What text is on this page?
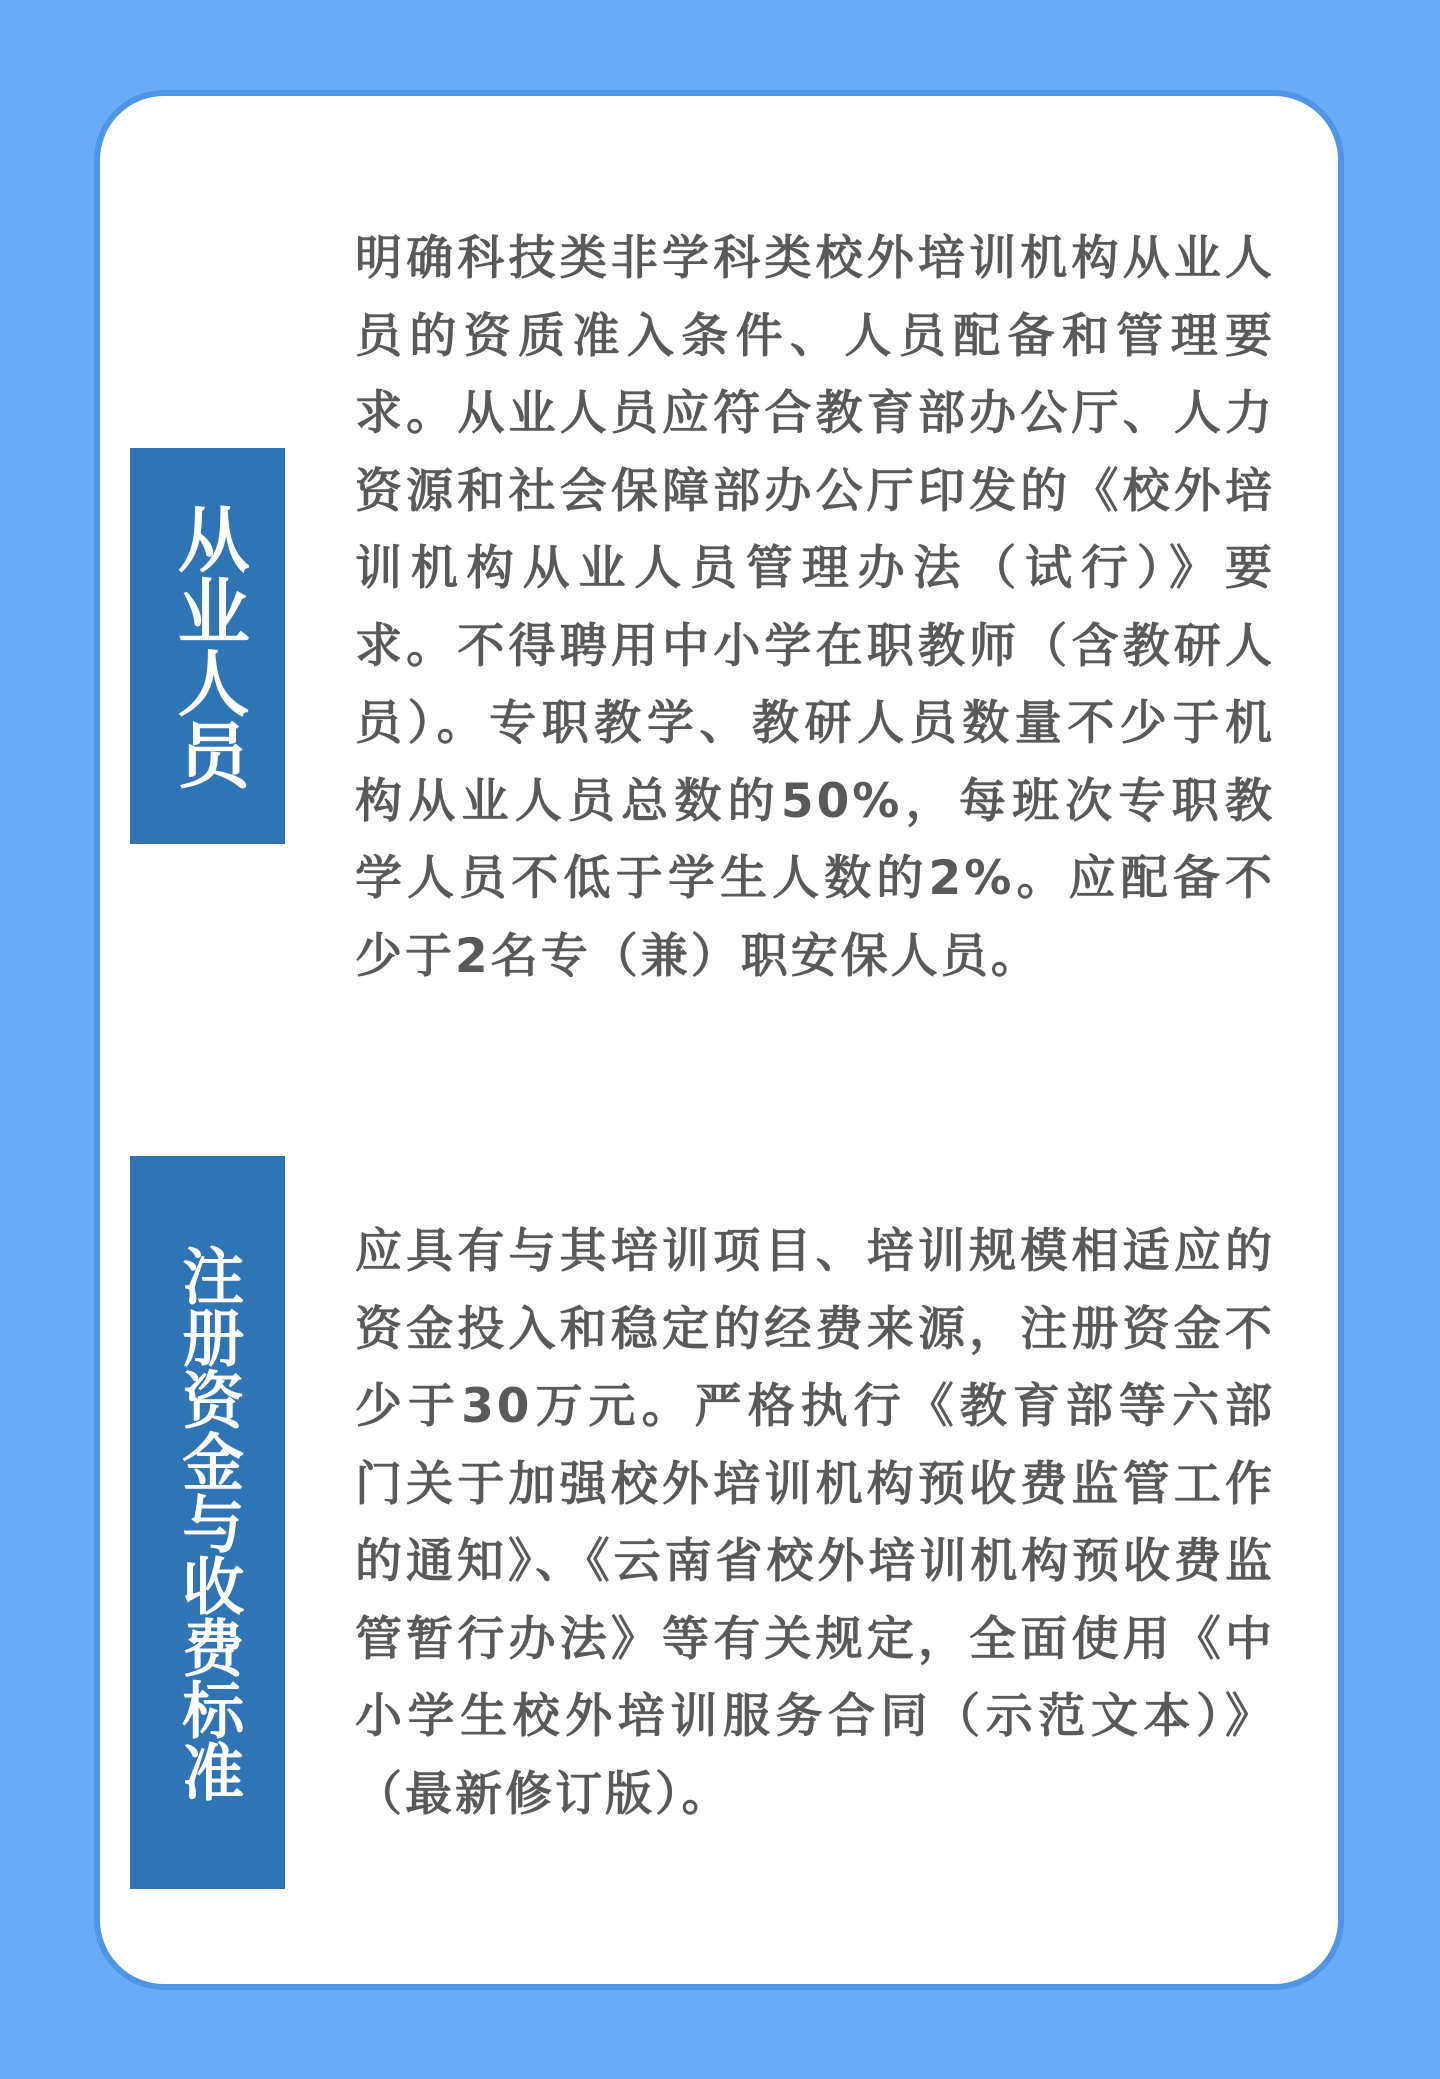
从业人员

明确科技类非学科类校外培训机构从业人员的资质准入条件、人员配备和管理要求。从业人员应符合教育部办公厅、人力资源和社会保障部办公厅印发的《校外培训机构从业人员管理办法（试行）》要求。不得聘用中小学在职教师（含教研人员）。专职教学、教研人员数量不少于机构从业人员总数的50%，每班次专职教学人员不低于学生人数的2%。应配备不少于2名专（兼）职安保人员。

注册资金与收费标准	应具有与其培训项目、培训规模相适应的资金投入和稳定的经费来源，注册资金不少于30万元。严格执行《教育部等六部门关于加强校外培训机构预收费监管工作的通知》、《云南省校外培训机构预收费监管暂行办法》等有关规定，全面使用《中小学生校外培训服务合同（示范文本）》（最新修订版）。
